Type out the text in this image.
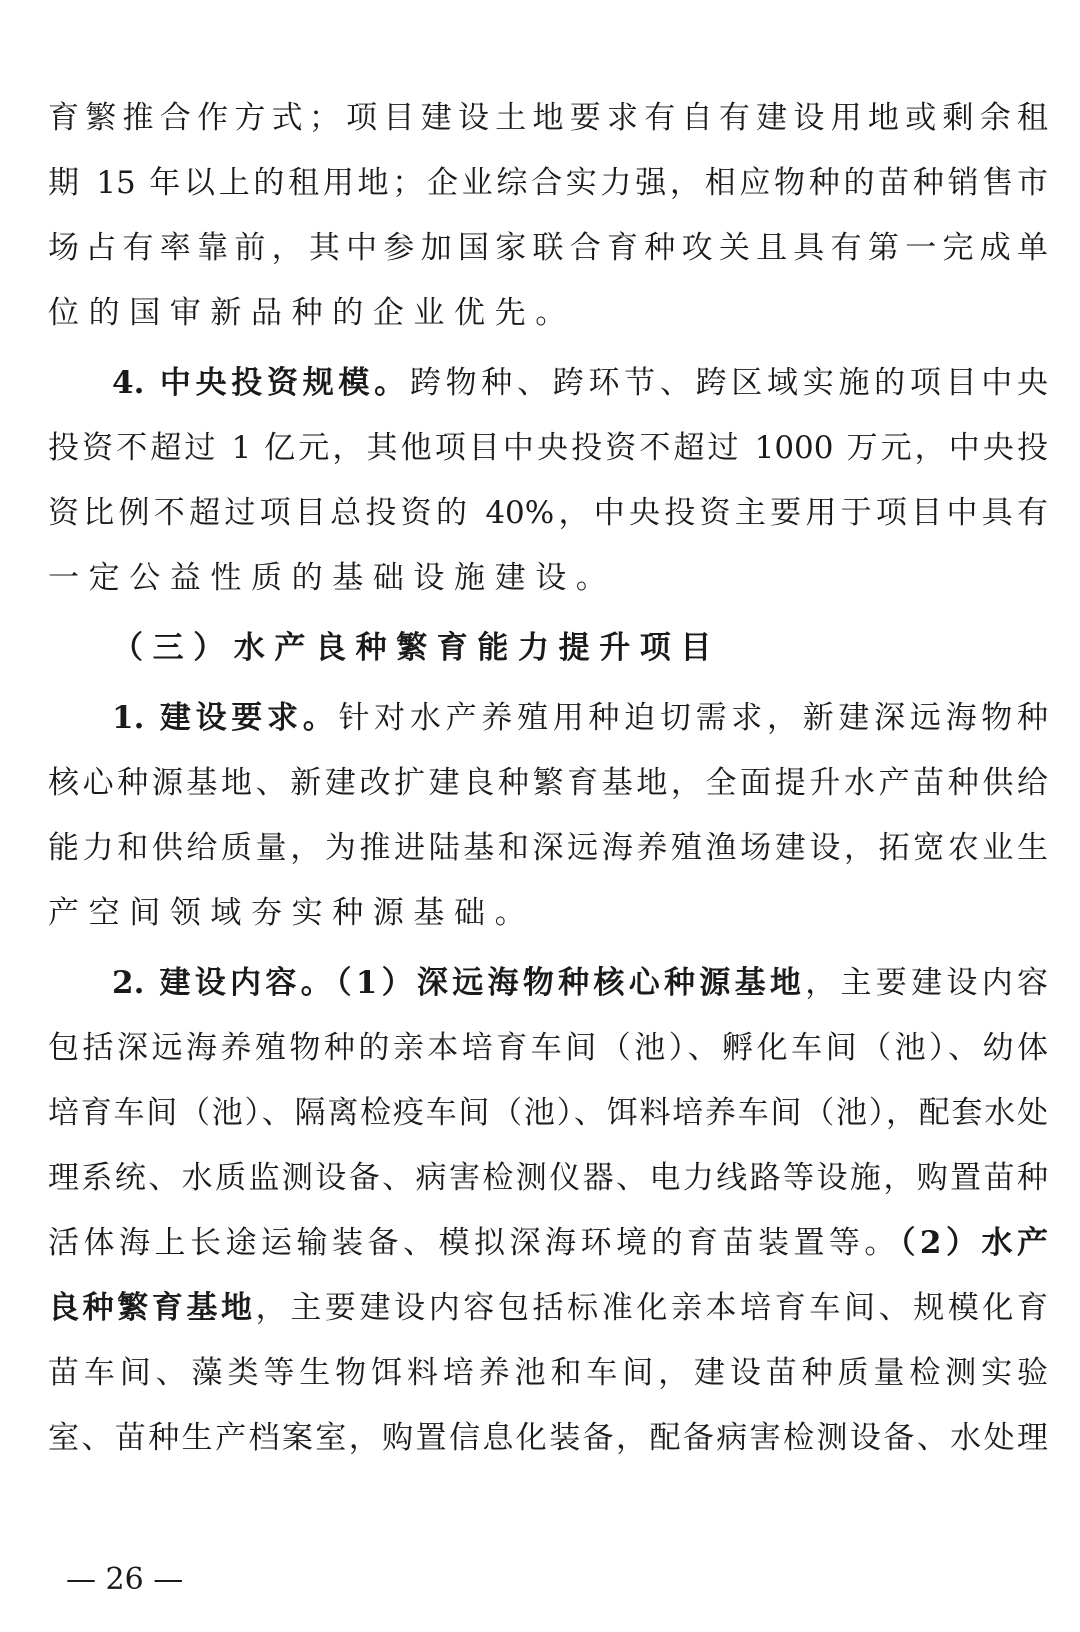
育繁推合作方式；项目建设土地要求有自有建设用地或剩余租
期 15 年以上的租用地；企业综合实力强，相应物种的苗种销售市
场占有率靠前，其中参加国家联合育种攻关且具有第一完成单
位的国审新品种的企业优先。
4. 中央投资规模。跨物种、跨环节、跨区域实施的项目中央
投资不超过 1 亿元，其他项目中央投资不超过 1000 万元，中央投
资比例不超过项目总投资的 40%，中央投资主要用于项目中具有
一定公益性质的基础设施建设。
（三）水产良种繁育能力提升项目
1. 建设要求。针对水产养殖用种迫切需求，新建深远海物种
核心种源基地、新建改扩建良种繁育基地，全面提升水产苗种供给
能力和供给质量，为推进陆基和深远海养殖渔场建设，拓宽农业生
产空间领域夯实种源基础。
2. 建设内容。（1）深远海物种核心种源基地，主要建设内容
包括深远海养殖物种的亲本培育车间（池）、孵化车间（池）、幼体
培育车间（池）、隔离检疫车间（池）、饵料培养车间（池），配套水处
理系统、水质监测设备、病害检测仪器、电力线路等设施，购置苗种
活体海上长途运输装备、模拟深海环境的育苗装置等。（2）水产
良种繁育基地，主要建设内容包括标准化亲本培育车间、规模化育
苗车间、藻类等生物饵料培养池和车间，建设苗种质量检测实验
室、苗种生产档案室，购置信息化装备，配备病害检测设备、水处理
— 26 —
